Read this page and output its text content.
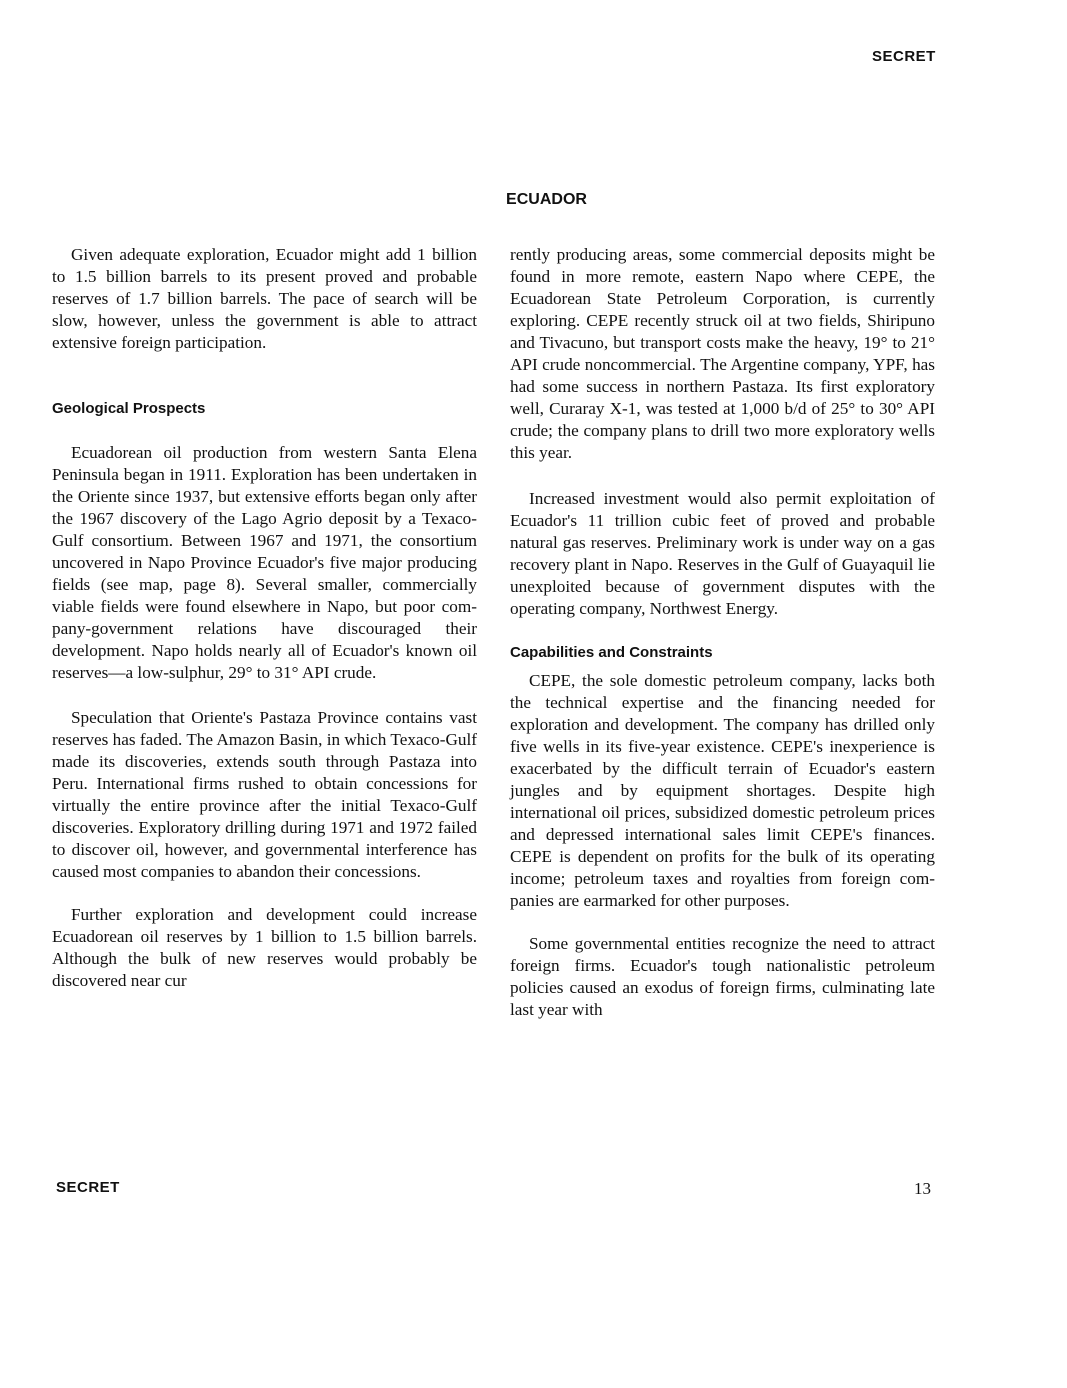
SECRET
ECUADOR

Given adequate exploration, Ecuador might add 1 billion to 1.5 billion barrels to its present proved and probable reserves of 1.7 billion barrels. The pace of search will be slow, however, unless the government is able to attract extensive foreign participation.

Geological Prospects

Ecuadorean oil production from western Santa Elena Peninsula began in 1911. Exploration has been undertaken in the Oriente since 1937, but extensive efforts began only after the 1967 discovery of the Lago Agrio deposit by a Texaco-Gulf consortium. Between 1967 and 1971, the consortium uncovered in Napo Province Ecuador's five major producing fields (see map, page 8). Several smaller, commercially viable fields were found elsewhere in Napo, but poor company-government relations have discouraged their development. Napo holds nearly all of Ecuador's known oil reserves—a low-sulphur, 29° to 31° API crude.

Speculation that Oriente's Pastaza Province contains vast reserves has faded. The Amazon Basin, in which Texaco-Gulf made its discoveries, extends south through Pastaza into Peru. International firms rushed to obtain concessions for virtually the entire province after the initial Texaco-Gulf discoveries. Exploratory drilling during 1971 and 1972 failed to discover oil, however, and governmental interference has caused most companies to abandon their concessions.

Further exploration and development could increase Ecuadorean oil reserves by 1 billion to 1.5 billion barrels. Although the bulk of new reserves would probably be discovered near cur

rently producing areas, some commercial deposits might be found in more remote, eastern Napo where CEPE, the Ecuadorean State Petroleum Corporation, is currently exploring. CEPE recently struck oil at two fields, Shiripuno and Tivacuno, but transport costs make the heavy, 19° to 21° API crude noncommercial. The Argentine company, YPF, has had some success in northern Pastaza. Its first exploratory well, Curaray X-1, was tested at 1,000 b/d of 25° to 30° API crude; the company plans to drill two more exploratory wells this year.

Increased investment would also permit exploitation of Ecuador's 11 trillion cubic feet of proved and probable natural gas reserves. Preliminary work is under way on a gas recovery plant in Napo. Reserves in the Gulf of Guayaquil lie unexploited because of government disputes with the operating company, Northwest Energy.

Capabilities and Constraints

CEPE, the sole domestic petroleum company, lacks both the technical expertise and the financing needed for exploration and development. The company has drilled only five wells in its five-year existence. CEPE's inexperience is exacerbated by the difficult terrain of Ecuador's eastern jungles and by equipment shortages. Despite high international oil prices, subsidized domestic petroleum prices and depressed international sales limit CEPE's finances. CEPE is dependent on profits for the bulk of its operating income; petroleum taxes and royalties from foreign companies are earmarked for other purposes.

Some governmental entities recognize the need to attract foreign firms. Ecuador's tough nationalistic petroleum policies caused an exodus of foreign firms, culminating late last year with

SECRET	13
